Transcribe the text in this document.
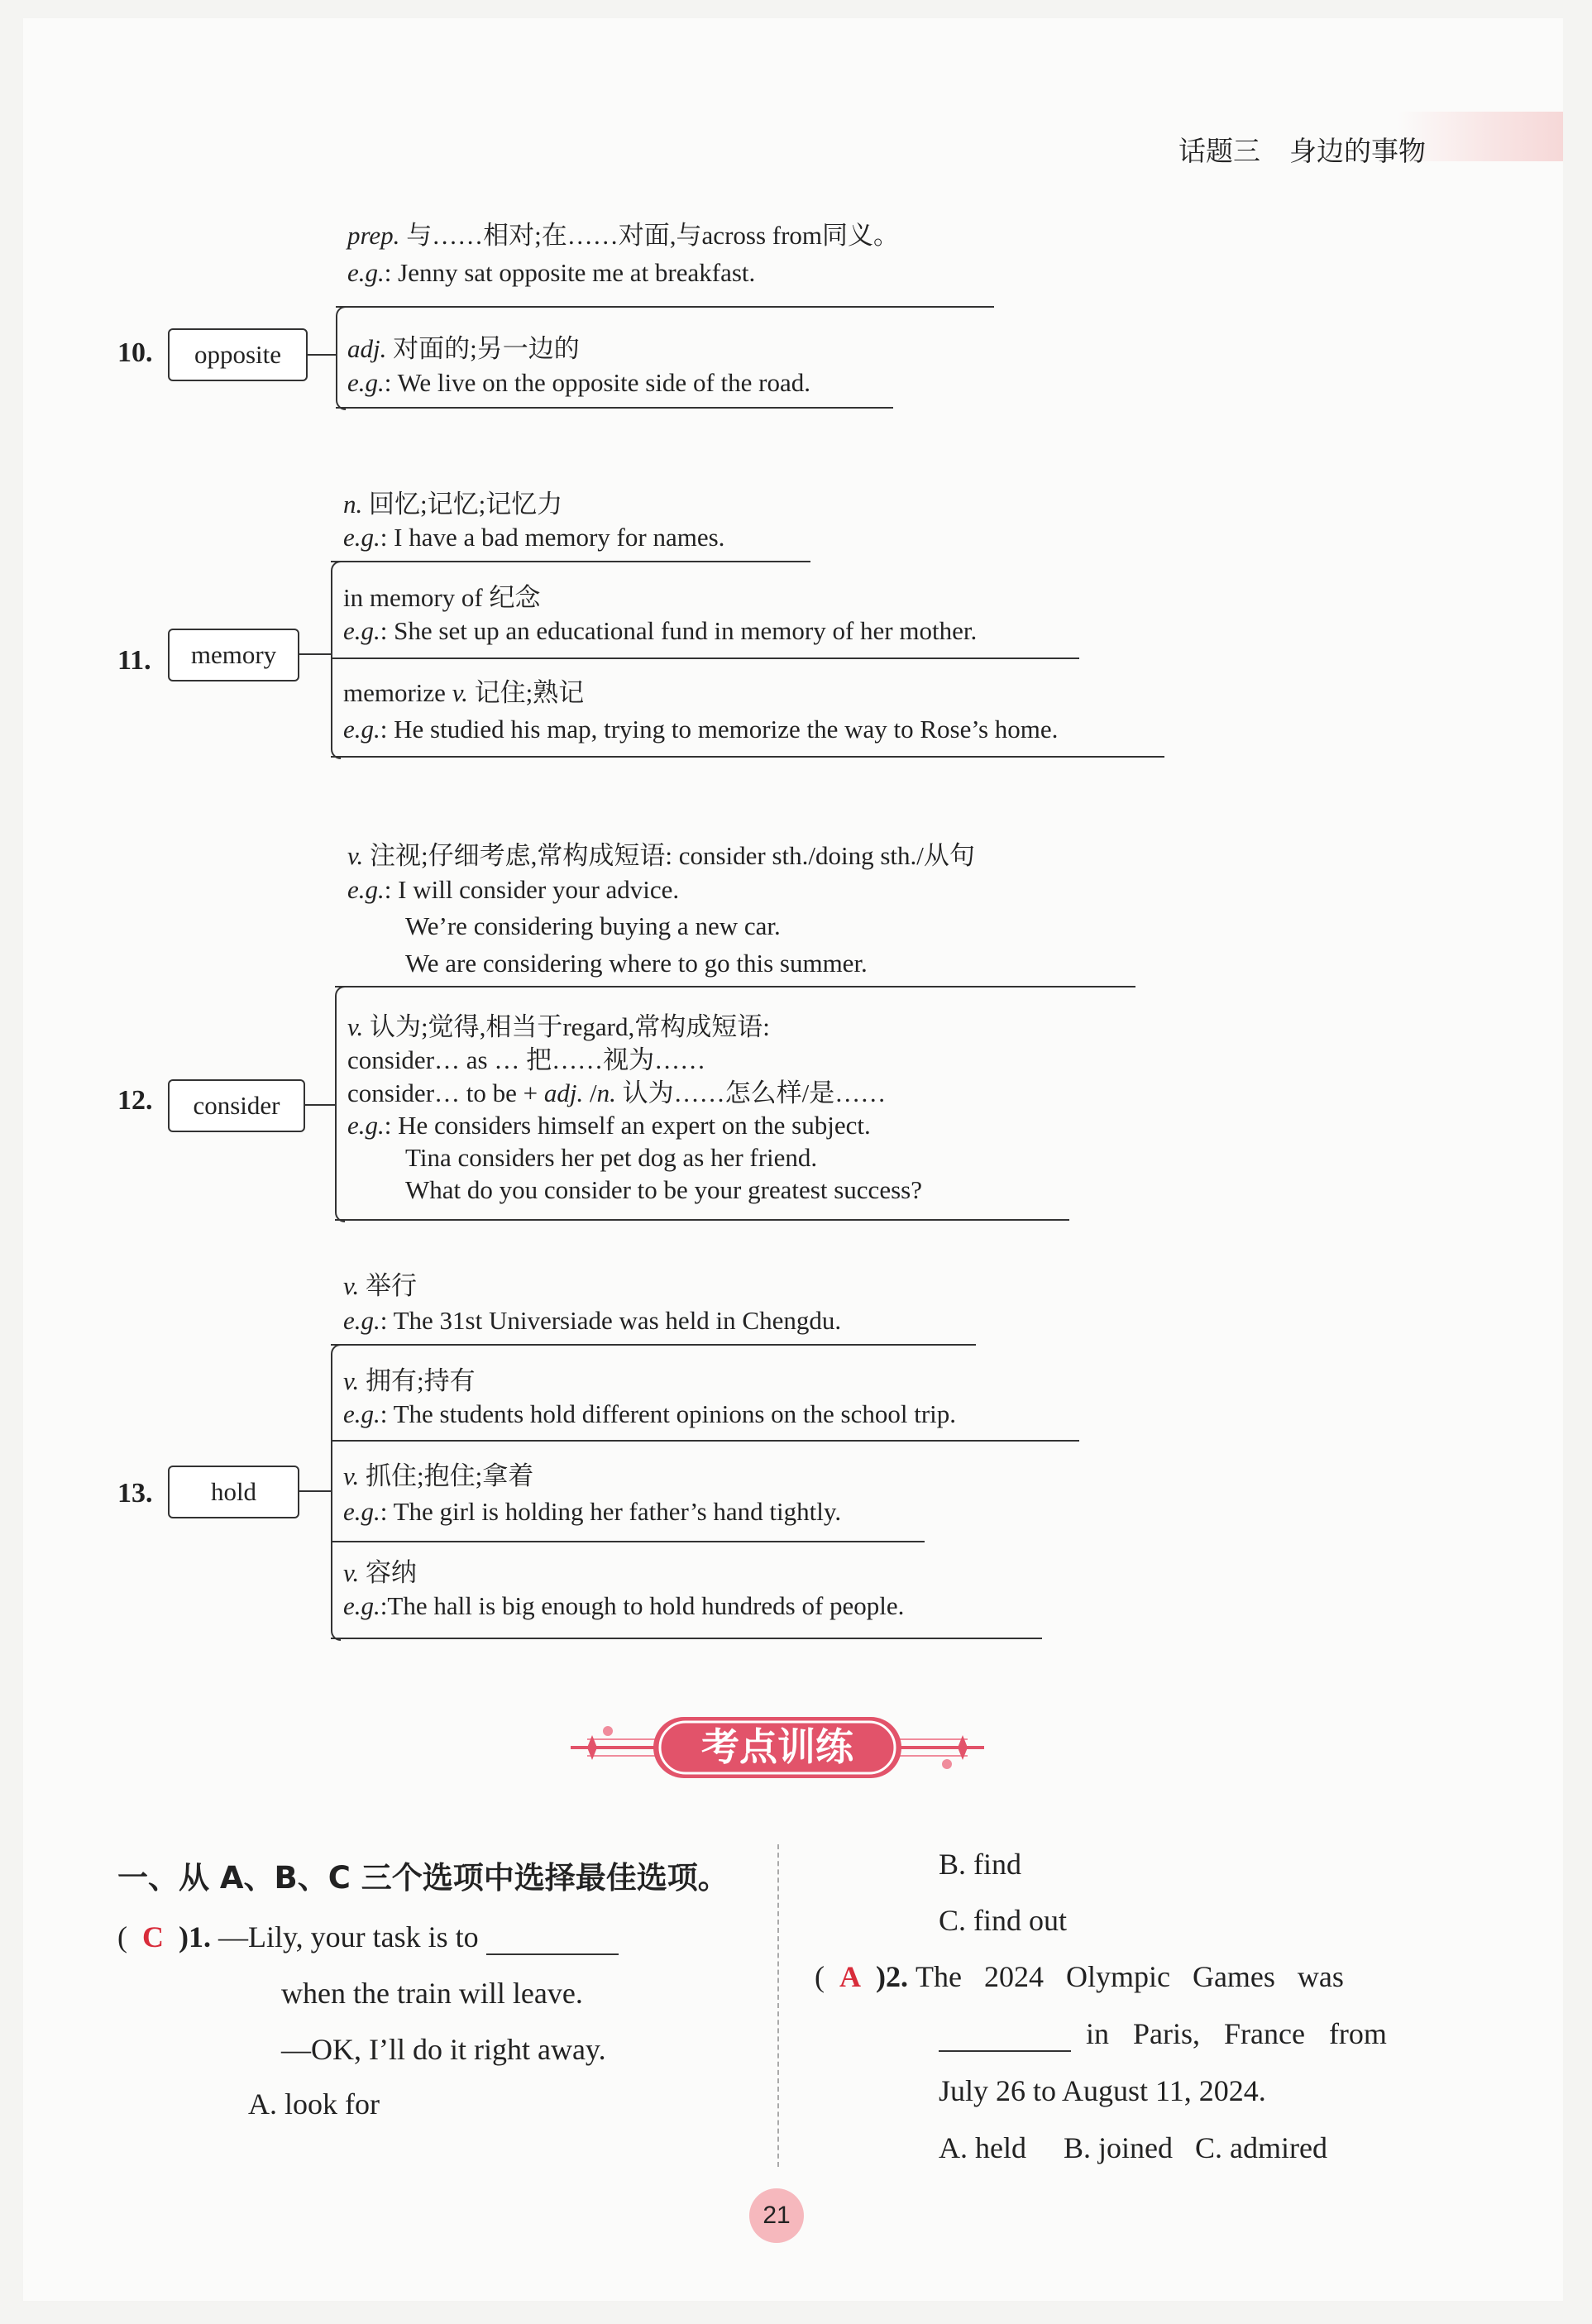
话题三 身边的事物
10.	opposite
prep. 与……相对;在……对面,与across from同义。
e.g.: Jenny sat opposite me at breakfast.
adj. 对面的;另一边的
e.g.: We live on the opposite side of the road.
11.	memory
n. 回忆;记忆;记忆力
e.g.: I have a bad memory for names.
in memory of 纪念
e.g.: She set up an educational fund in memory of her mother.
memorize v. 记住;熟记
e.g.: He studied his map, trying to memorize the way to Rose’s home.
12.	consider
v. 注视;仔细考虑,常构成短语: consider sth./doing sth./从句
e.g.: I will consider your advice.
We’re considering buying a new car.
We are considering where to go this summer.
v. 认为;觉得,相当于regard,常构成短语:
consider… as … 把……视为……
consider… to be + adj. /n. 认为……怎么样/是……
e.g.: He considers himself an expert on the subject.
Tina considers her pet dog as her friend.
What do you consider to be your greatest success?
13.	hold
v. 举行
e.g.: The 31st Universiade was held in Chengdu.
v. 拥有;持有
e.g.: The students hold different opinions on the school trip.
v. 抓住;抱住;拿着
e.g.: The girl is holding her father’s hand tightly.
v. 容纳
e.g.:The hall is big enough to hold hundreds of people.
考点训练
一、从 A、B、C 三个选项中选择最佳选项。
(  C )1. —Lily, your task is to
when the train will leave.
—OK, I’ll do it right away.
A. look for
B. find
C. find out
(  A )2. The 2024 Olympic Games was
in Paris, France from
July 26 to August 11, 2024.
A. held B. joined C. admired
21
